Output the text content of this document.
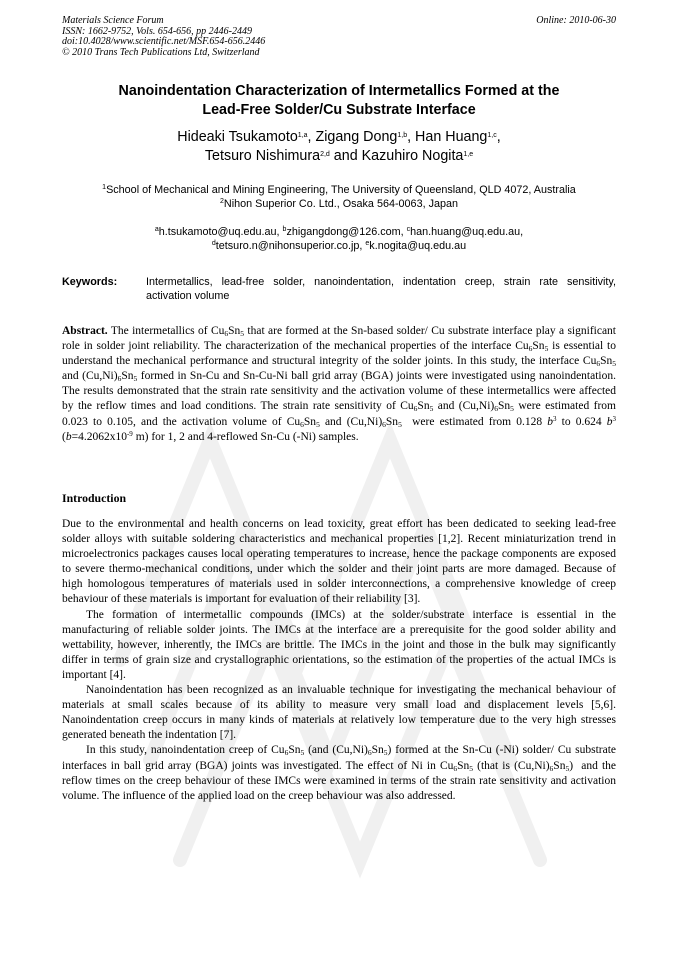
Materials Science Forum
ISSN: 1662-9752, Vols. 654-656, pp 2446-2449
doi:10.4028/www.scientific.net/MSF.654-656.2446
© 2010 Trans Tech Publications Ltd, Switzerland
Online: 2010-06-30
Nanoindentation Characterization of Intermetallics Formed at the
Lead-Free Solder/Cu Substrate Interface
Hideaki Tsukamoto$^{1,a}$, Zigang Dong$^{1,b}$, Han Huang$^{1,c}$,
Tetsuro Nishimura$^{2,d}$ and Kazuhiro Nogita$^{1,e}$
$^1$School of Mechanical and Mining Engineering, The University of Queensland, QLD 4072, Australia
$^2$Nihon Superior Co. Ltd., Osaka 564-0063, Japan
$^a$h.tsukamoto@uq.edu.au, $^b$zhigangdong@126.com, $^c$han.huang@uq.edu.au,
$^d$tetsuro.n@nihonsuperior.co.jp, $^e$k.nogita@uq.edu.au
Keywords:	Intermetallics, lead-free solder, nanoindentation, indentation creep, strain rate sensitivity, activation volume
Abstract. The intermetallics of $Cu_6Sn_5$ that are formed at the Sn-based solder/ Cu substrate interface play a significant role in solder joint reliability. The characterization of the mechanical properties of the interface $Cu_6Sn_5$ is essential to understand the mechanical performance and structural integrity of the solder joints. In this study, the interface $Cu_6Sn_5$ and $(Cu,Ni)_6Sn_5$ formed in Sn-Cu and Sn-Cu-Ni ball grid array (BGA) joints were investigated using nanoindentation. The results demonstrated that the strain rate sensitivity and the activation volume of these intermetallics were affected by the reflow times and load conditions. The strain rate sensitivity of $Cu_6Sn_5$ and $(Cu,Ni)_6Sn_5$ were estimated from 0.023 to 0.105, and the activation volume of $Cu_6Sn_5$ and $(Cu,Ni)_6Sn_5$  were estimated from 0.128 $b^3$ to 0.624 $b^3$ ($b=4.2062x10^{-9}$ m) for 1, 2 and 4-reflowed Sn-Cu (-Ni) samples.
Introduction

Due to the environmental and health concerns on lead toxicity, great effort has been dedicated to seeking lead-free solder alloys with suitable soldering characteristics and mechanical properties [1,2]. Recent miniaturization trend in microelectronics packages causes local operating temperatures to increase, hence the package components are exposed to severe thermo-mechanical conditions, under which the solder and their joint parts are more damaged. Because of high homologous temperatures of materials used in solder interconnections, a comprehensive knowledge of creep behaviour of these materials is important for evaluation of their reliability [3].

The formation of intermetallic compounds (IMCs) at the solder/substrate interface is essential in the manufacturing of reliable solder joints. The IMCs at the interface are a prerequisite for the good solder ability and wettability, however, inherently, the IMCs are brittle. The IMCs in the joint and those in the bulk may significantly differ in terms of grain size and crystallographic orientations, so the estimation of the properties of the actual IMCs is important [4].

Nanoindentation has been recognized as an invaluable technique for investigating the mechanical behaviour of materials at small scales because of its ability to measure very small load and displacement levels [5,6]. Nanoindentation creep occurs in many kinds of materials at relatively low temperature due to the very high stresses generated beneath the indentation [7].

In this study, nanoindentation creep of $Cu_6Sn_5$ (and $(Cu,Ni)_6Sn_5$) formed at the Sn-Cu (-Ni) solder/ Cu substrate interfaces in ball grid array (BGA) joints was investigated. The effect of Ni in $Cu_6Sn_5$ (that is $(Cu,Ni)_6Sn_5$)  and the reflow times on the creep behaviour of these IMCs were examined in terms of the strain rate sensitivity and activation volume. The influence of the applied load on the creep behaviour was also addressed.
